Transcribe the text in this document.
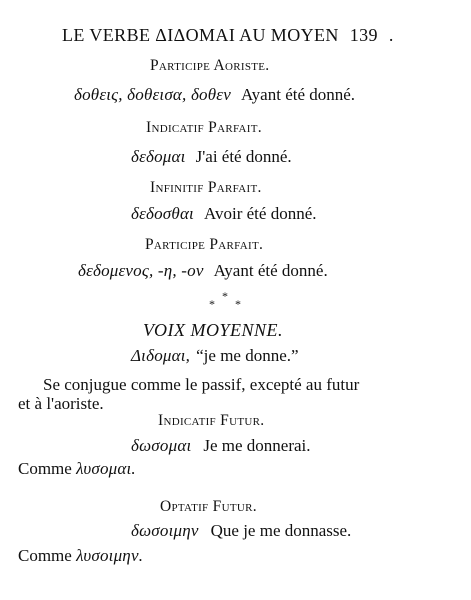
LE VERBE ΔIΔOMAI AU MOYEN 139 .
Participe Aoriste.
δοθεις, δοθεισα, δοθεν Ayant été donné.
Indicatif Parfait.
δεδομαι J'ai été donné.
Infinitif Parfait.
δεδοσθαι Avoir été donné.
Participe Parfait.
δεδομενος, -η, -ον Ayant été donné.
*
*
*
VOIX MOYENNE.
Διδομαι, “je me donne.”
Se conjugue comme le passif, excepté au futur
et à l'aoriste.
Indicatif Futur.
δωσομαι Je me donnerai.
Comme λυσομαι.
Optatif Futur.
δωσοιμην Que je me donnasse.
Comme λυσοιμην.
